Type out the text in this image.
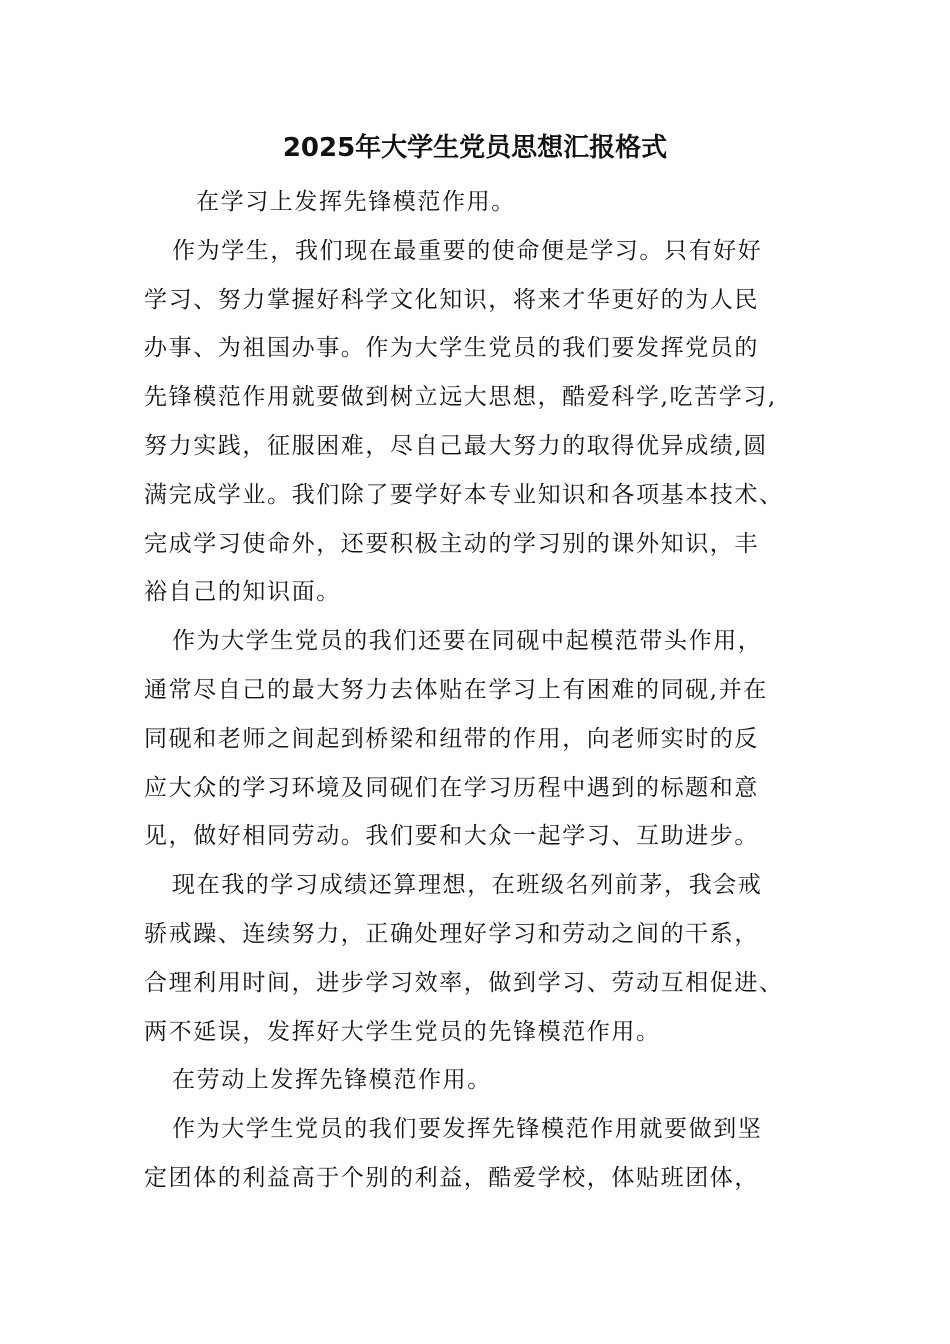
2025年大学生党员思想汇报格式
在学习上发挥先锋模范作用。
作为学生，我们现在最重要的使命便是学习。只有好好
学习、努力掌握好科学文化知识，将来才华更好的为人民
办事、为祖国办事。作为大学生党员的我们要发挥党员的
先锋模范作用就要做到树立远大思想，酷爱科学,吃苦学习,
努力实践，征服困难，尽自己最大努力的取得优异成绩,圆
满完成学业。我们除了要学好本专业知识和各项基本技术、
完成学习使命外，还要积极主动的学习别的课外知识，丰
裕自己的知识面。
作为大学生党员的我们还要在同砚中起模范带头作用，
通常尽自己的最大努力去体贴在学习上有困难的同砚,并在
同砚和老师之间起到桥梁和纽带的作用，向老师实时的反
应大众的学习环境及同砚们在学习历程中遇到的标题和意
见，做好相同劳动。我们要和大众一起学习、互助进步。
现在我的学习成绩还算理想，在班级名列前茅，我会戒
骄戒躁、连续努力，正确处理好学习和劳动之间的干系，
合理利用时间，进步学习效率，做到学习、劳动互相促进、
两不延误，发挥好大学生党员的先锋模范作用。
在劳动上发挥先锋模范作用。
作为大学生党员的我们要发挥先锋模范作用就要做到坚
定团体的利益高于个别的利益，酷爱学校，体贴班团体，
